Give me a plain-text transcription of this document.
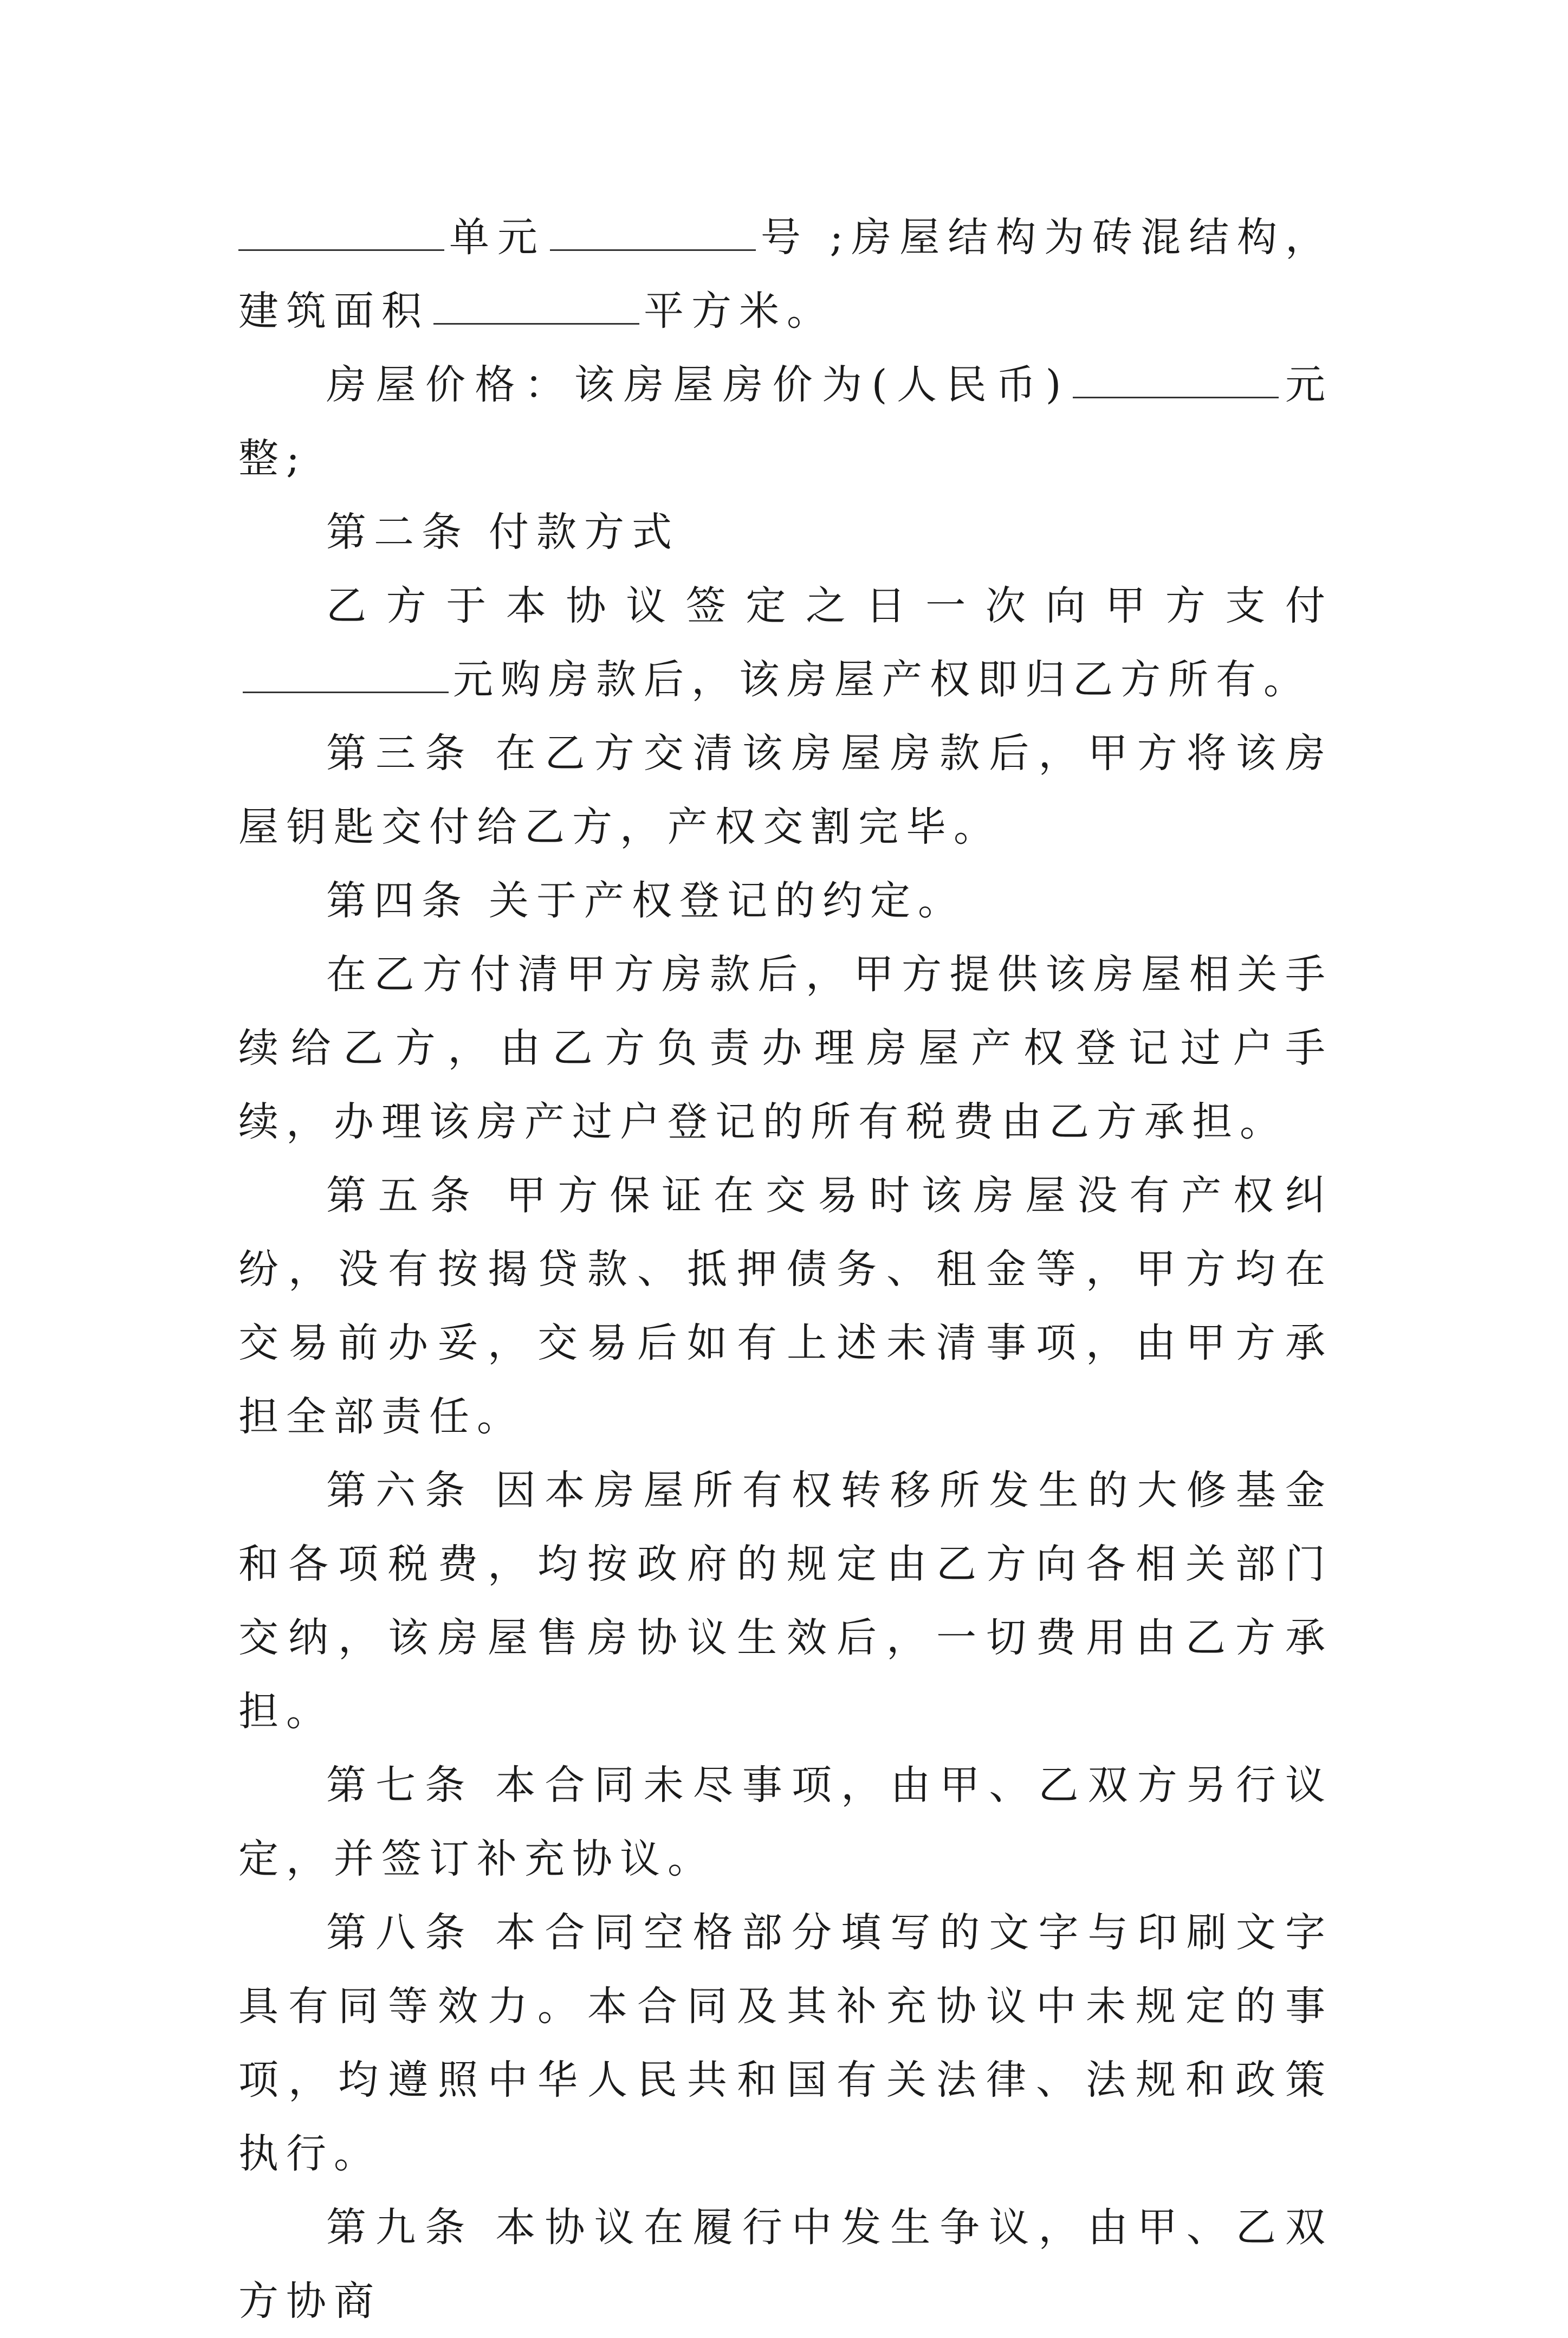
单元	号 ;房屋结构为砖混结构，建筑面积	平方米。

房屋价格：该房屋房价为(人民币)	元整;

第二条 付款方式

乙方于本协议签定之日一次向甲方支付元购房款后，该房屋产权即归乙方所有。

第三条 在乙方交清该房屋房款后，甲方将该房屋钥匙交付给乙方，产权交割完毕。

第四条 关于产权登记的约定。

在乙方付清甲方房款后，甲方提供该房屋相关手续给乙方，由乙方负责办理房屋产权登记过户手续，办理该房产过户登记的所有税费由乙方承担。

第五条 甲方保证在交易时该房屋没有产权纠纷，没有按揭贷款、抵押债务、租金等，甲方均在交易前办妥，交易后如有上述未清事项，由甲方承担全部责任。

第六条 因本房屋所有权转移所发生的大修基金和各项税费，均按政府的规定由乙方向各相关部门交纳，该房屋售房协议生效后，一切费用由乙方承担。

第七条 本合同未尽事项，由甲、乙双方另行议定，并签订补充协议。

第八条 本合同空格部分填写的文字与印刷文字具有同等效力。本合同及其补充协议中未规定的事项，均遵照中华人民共和国有关法律、法规和政策执行。

第九条 本协议在履行中发生争议，由甲、乙双方协商
